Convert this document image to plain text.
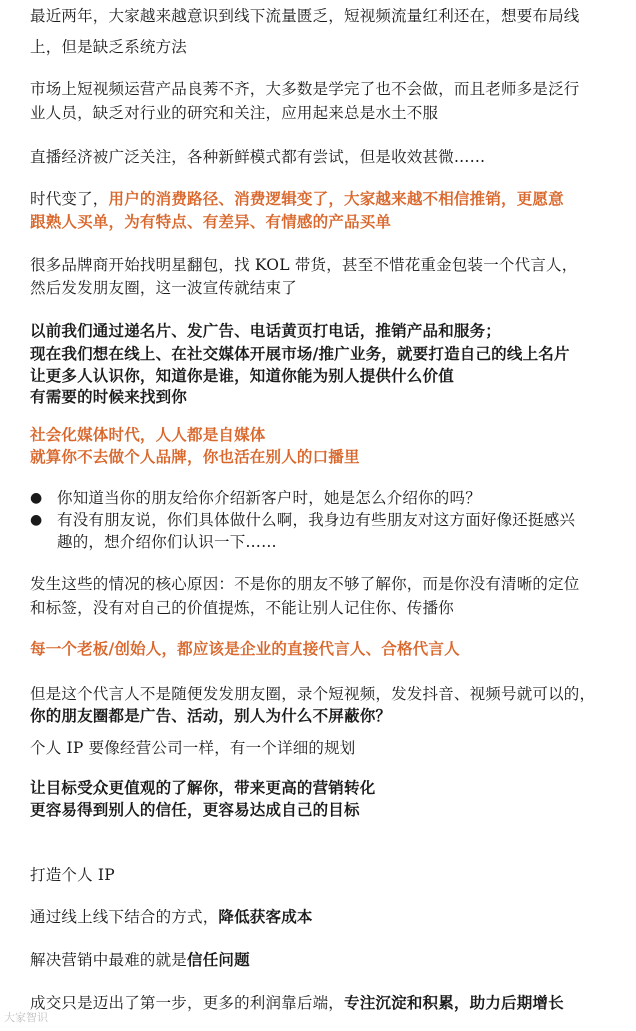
最近两年，大家越来越意识到线下流量匮乏，短视频流量红利还在，想要布局线
上，但是缺乏系统方法
市场上短视频运营产品良莠不齐，大多数是学完了也不会做，而且老师多是泛行
业人员，缺乏对行业的研究和关注，应用起来总是水土不服
直播经济被广泛关注，各种新鲜模式都有尝试，但是收效甚微……
时代变了，用户的消费路径、消费逻辑变了，大家越来越不相信推销，更愿意
跟熟人买单，为有特点、有差异、有情感的产品买单
很多品牌商开始找明星翻包，找 KOL 带货，甚至不惜花重金包装一个代言人，
然后发发朋友圈，这一波宣传就结束了
以前我们通过递名片、发广告、电话黄页打电话，推销产品和服务；
现在我们想在线上、在社交媒体开展市场/推广业务，就要打造自己的线上名片
让更多人认识你，知道你是谁，知道你能为别人提供什么价值
有需要的时候来找到你
社会化媒体时代，人人都是自媒体
就算你不去做个人品牌，你也活在别人的口播里
● 你知道当你的朋友给你介绍新客户时，她是怎么介绍你的吗？
● 有没有朋友说，你们具体做什么啊，我身边有些朋友对这方面好像还挺感兴
趣的，想介绍你们认识一下……
发生这些的情况的核心原因：不是你的朋友不够了解你，而是你没有清晰的定位
和标签，没有对自己的价值提炼，不能让别人记住你、传播你
每一个老板/创始人，都应该是企业的直接代言人、合格代言人
但是这个代言人不是随便发发朋友圈，录个短视频，发发抖音、视频号就可以的，
你的朋友圈都是广告、活动，别人为什么不屏蔽你？
个人 IP 要像经营公司一样，有一个详细的规划
让目标受众更值观的了解你，带来更高的营销转化
更容易得到别人的信任，更容易达成自己的目标
打造个人 IP
通过线上线下结合的方式，降低获客成本
解决营销中最难的就是信任问题
成交只是迈出了第一步，更多的利润靠后端，专注沉淀和积累，助力后期增长
大家智识
